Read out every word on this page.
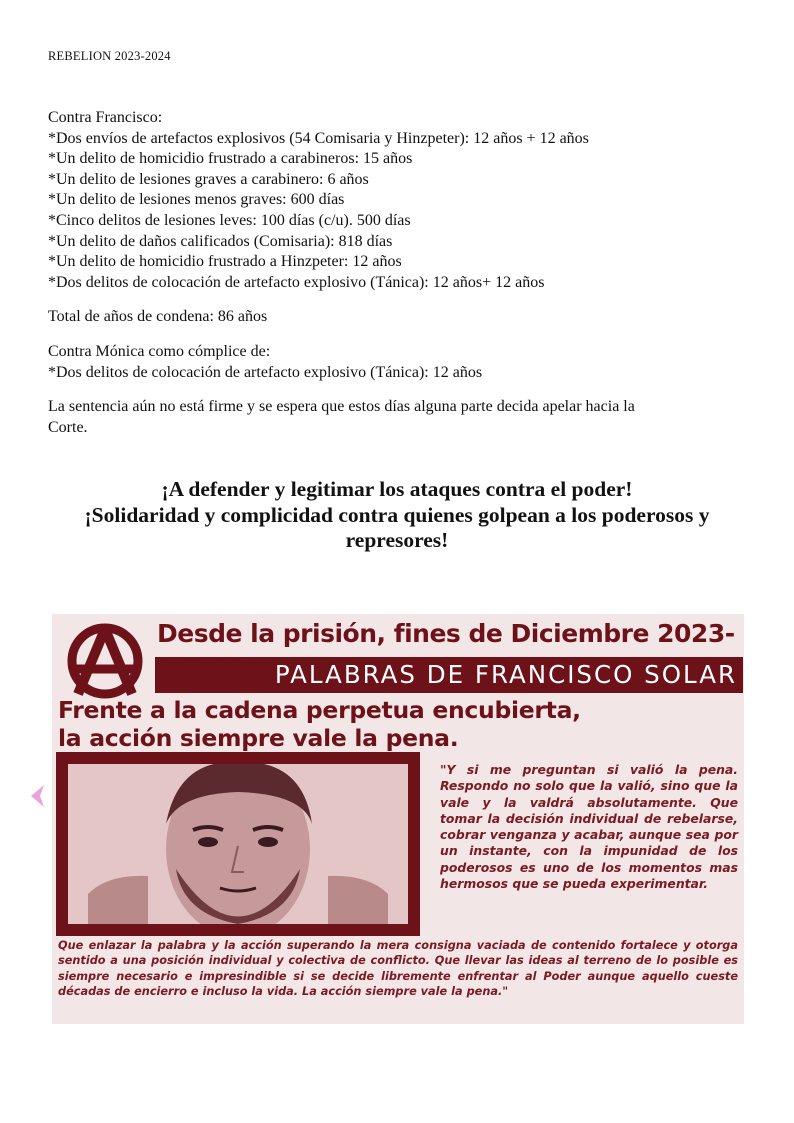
REBELION 2023-2024

Contra Francisco:

*Dos envíos de artefactos explosivos (54 Comisaria y Hinzpeter): 12 años + 12 años

*Un delito de homicidio frustrado a carabineros: 15 años

*Un delito de lesiones graves a carabinero: 6 años

*Un delito de lesiones menos graves: 600 días

*Cinco delitos de lesiones leves: 100 días (c/u). 500 días

*Un delito de daños calificados (Comisaria): 818 días

*Un delito de homicidio frustrado a Hinzpeter: 12 años

*Dos delitos de colocación de artefacto explosivo (Tánica): 12 años+ 12 años

Total de años de condena: 86 años

Contra Mónica como cómplice de:

*Dos delitos de colocación de artefacto explosivo (Tánica): 12 años

La sentencia aún no está firme y se espera que estos días alguna parte decida apelar hacia la

Corte.

¡A defender y legitimar los ataques contra el poder!

¡Solidaridad y complicidad contra quienes golpean a los poderosos y

represores!

Desde la prisión, fines de Diciembre 2023-
PALABRAS DE FRANCISCO SOLAR

Frente a la cadena perpetua encubierta,

la acción siempre vale la pena.

"Y si me preguntan si valió la pena. Respondo no solo que la valió, sino que la vale y la valdrá absolutamente. Que tomar la decisión individual de rebelarse, cobrar venganza y acabar, aunque sea por un instante, con la impunidad de los poderosos es uno de los momentos mas hermosos que se pueda experimentar.
Que enlazar la palabra y la acción superando la mera consigna vaciada de contenido fortalece y otorga sentido a una posición individual y colectiva de conflicto. Que llevar las ideas al terreno de lo posible es siempre necesario e impresindible si se decide libremente enfrentar al Poder aunque aquello cueste décadas de encierro e incluso la vida. La acción siempre vale la pena."
